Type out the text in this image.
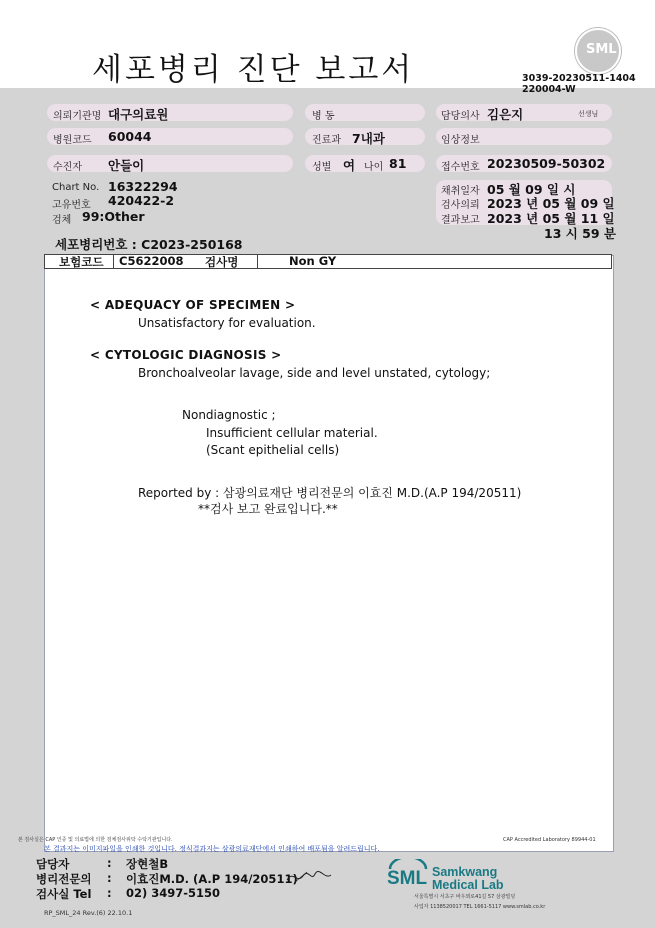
세포병리 진단 보고서
SML
3039-20230511-1404
220004-W
의뢰기관명 대구의료원	병 동	담당의사 김은지	선생님
병원코드 60044	진료과 7내과	임상정보
수진자 안들이	성별 여 나이 81	접수번호 20230509-50302
Chart No. 16322294
고유번호 420422-2
검체 99:Other
채취일자 05 월 09 일 시
검사의뢰 2023 년 05 월 09 일
결과보고 2023 년 05 월 11 일
13 시 59 분
세포병리번호 : C2023-250168
보험코드 C5622008 검사명	Non GY
< ADEQUACY OF SPECIMEN >
Unsatisfactory for evaluation.
< CYTOLOGIC DIAGNOSIS >
Bronchoalveolar lavage, side and level unstated, cytology;
Nondiagnostic ;
Insufficient cellular material.
(Scant epithelial cells)
Reported by : 삼광의료재단 병리전문의 이효진 M.D.(A.P 194/20511)
**검사 보고 완료입니다.**
본 검사실은 CAP 인증 및 의료법에 의한 검체검사위탁 수탁기관입니다.	CAP Accredited Laboratory 89944-01
본 결과지는 이미지파일을 인쇄한 것입니다. 정식결과지는 삼광의료재단에서 인쇄하여 배포됨을 알려드립니다.
담당자	: 장현철B
병리전문의 : 이효진M.D. (A.P 194/20511)
검사실 Tel : 02) 3497-5150
SML Samkwang
Medical Lab
서울특별시 서초구 바우뫼로41길 57 삼광빌딩
사업자 1138520017 TEL 1661-5117 www.smlab.co.kr
RP_SML_24 Rev.(6) 22.10.1
